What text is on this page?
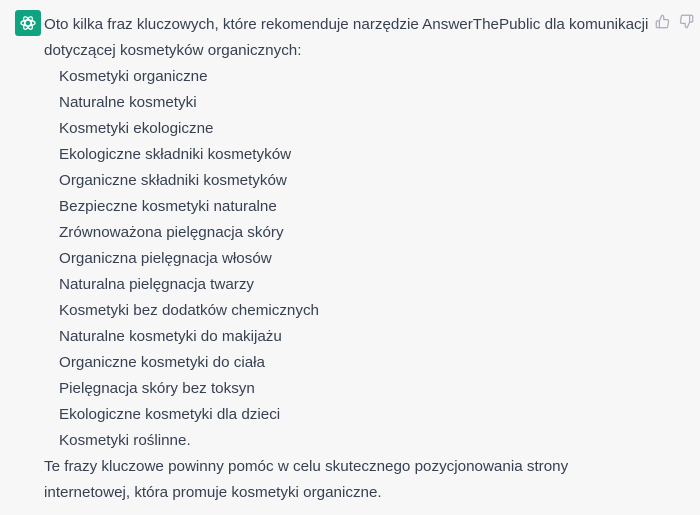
Oto kilka fraz kluczowych, które rekomenduje narzędzie AnswerThePublic dla komunikacji dotyczącej kosmetyków organicznych:

Kosmetyki organiczne
Naturalne kosmetyki
Kosmetyki ekologiczne
Ekologiczne składniki kosmetyków
Organiczne składniki kosmetyków
Bezpieczne kosmetyki naturalne
Zrównoważona pielęgnacja skóry
Organiczna pielęgnacja włosów
Naturalna pielęgnacja twarzy
Kosmetyki bez dodatków chemicznych
Naturalne kosmetyki do makijażu
Organiczne kosmetyki do ciała
Pielęgnacja skóry bez toksyn
Ekologiczne kosmetyki dla dzieci
Kosmetyki roślinne.

Te frazy kluczowe powinny pomóc w celu skutecznego pozycjonowania strony internetowej, która promuje kosmetyki organiczne.
